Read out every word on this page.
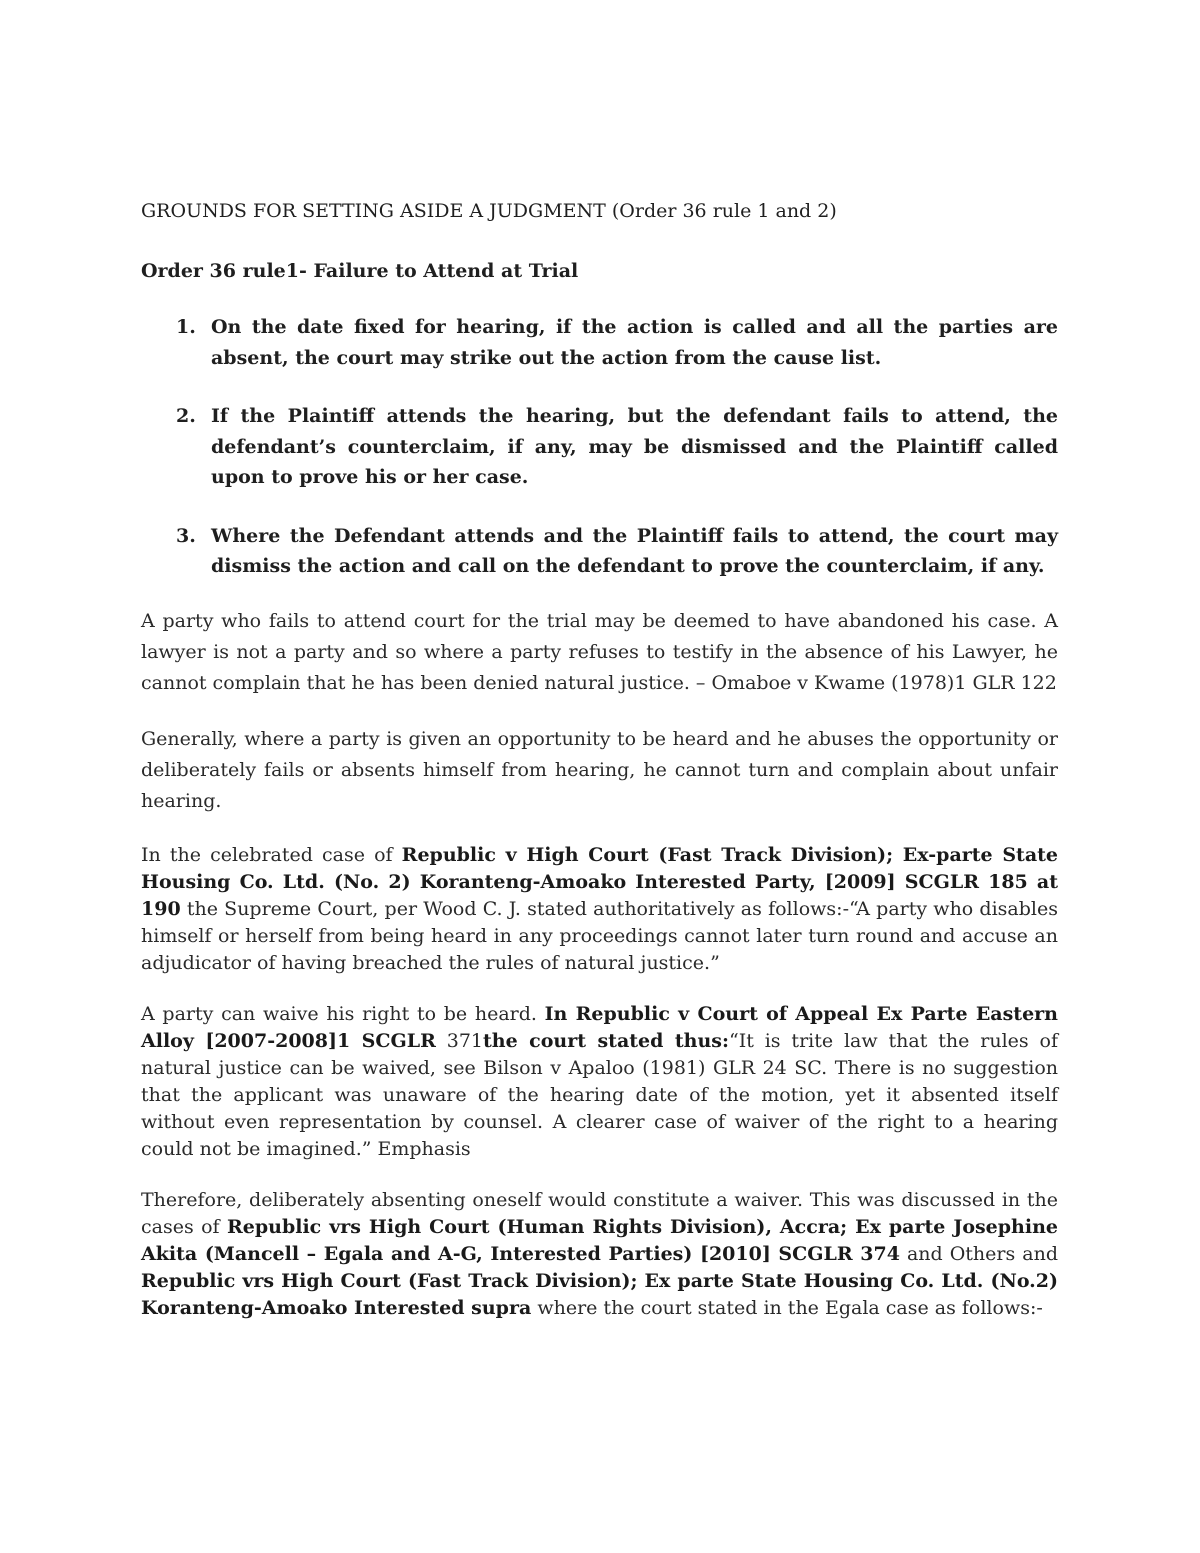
GROUNDS FOR SETTING ASIDE A JUDGMENT (Order 36 rule 1 and 2)

Order 36 rule1- Failure to Attend at Trial

1. On the date fixed for hearing, if the action is called and all the parties are absent, the court may strike out the action from the cause list.
2. If the Plaintiff attends the hearing, but the defendant fails to attend, the defendant’s counterclaim, if any, may be dismissed and the Plaintiff called upon to prove his or her case.
3. Where the Defendant attends and the Plaintiff fails to attend, the court may dismiss the action and call on the defendant to prove the counterclaim, if any.

A party who fails to attend court for the trial may be deemed to have abandoned his case. A lawyer is not a party and so where a party refuses to testify in the absence of his Lawyer, he cannot complain that he has been denied natural justice. – Omaboe v Kwame (1978)1 GLR 122

Generally, where a party is given an opportunity to be heard and he abuses the opportunity or deliberately fails or absents himself from hearing, he cannot turn and complain about unfair hearing.

In the celebrated case of Republic v High Court (Fast Track Division); Ex-parte State Housing Co. Ltd. (No. 2) Koranteng-Amoako Interested Party, [2009] SCGLR 185 at 190 the Supreme Court, per Wood C. J. stated authoritatively as follows:-“A party who disables himself or herself from being heard in any proceedings cannot later turn round and accuse an adjudicator of having breached the rules of natural justice.”

A party can waive his right to be heard. In Republic v Court of Appeal Ex Parte Eastern Alloy [2007-2008]1 SCGLR 371the court stated thus:“It is trite law that the rules of natural justice can be waived, see Bilson v Apaloo (1981) GLR 24 SC. There is no suggestion that the applicant was unaware of the hearing date of the motion, yet it absented itself without even representation by counsel. A clearer case of waiver of the right to a hearing could not be imagined.” Emphasis

Therefore, deliberately absenting oneself would constitute a waiver. This was discussed in the cases of Republic vrs High Court (Human Rights Division), Accra; Ex parte Josephine Akita (Mancell – Egala and A-G, Interested Parties) [2010] SCGLR 374 and Others and Republic vrs High Court (Fast Track Division); Ex parte State Housing Co. Ltd. (No.2) Koranteng-Amoako Interested supra where the court stated in the Egala case as follows:-
